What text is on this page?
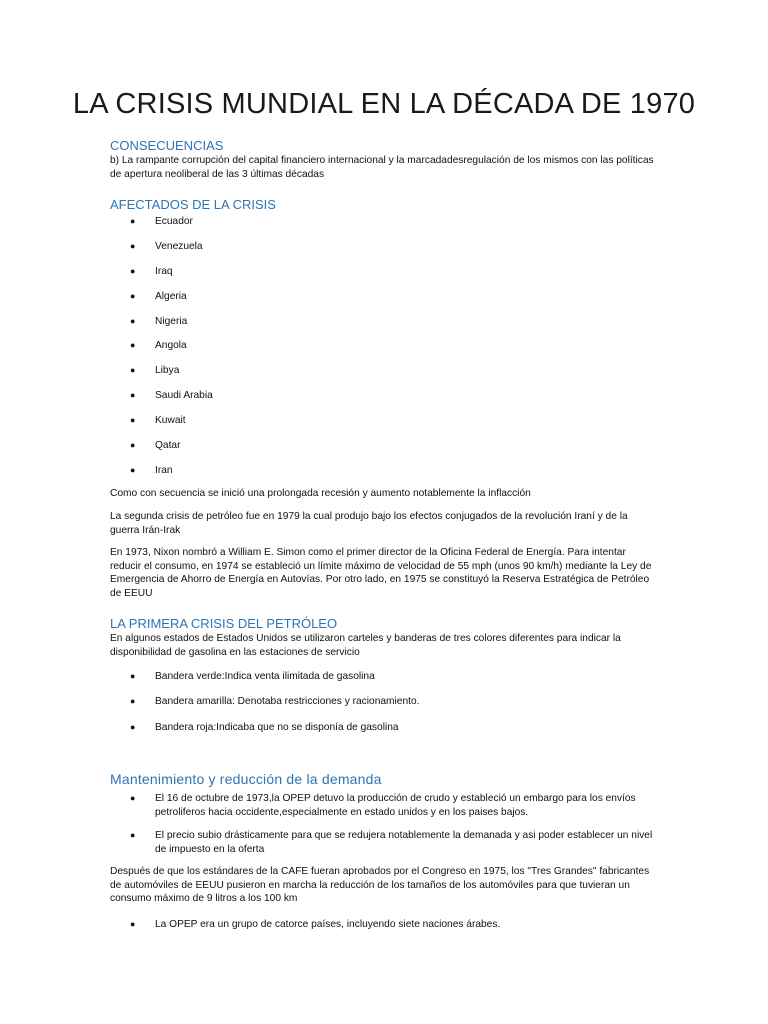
LA CRISIS MUNDIAL EN LA DÉCADA DE 1970
CONSECUENCIAS

b) La rampante corrupción del capital financiero internacional y la marcadadesregulación de los mismos con las políticas de apertura neoliberal de las 3 últimas décadas

AFECTADOS DE LA CRISIS
● Ecuador
● Venezuela
● Iraq
● Algeria
● Nigeria
● Angola
● Libya
● Saudi Arabia
● Kuwait
● Qatar
● Iran

Como con secuencia se inició una prolongada recesión y aumento notablemente la inflacción

La segunda crisis de petróleo fue en 1979 la cual produjo bajo los efectos conjugados de la revolución Iraní y de la guerra Irán-Irak

En 1973, Nixon nombró a William E. Simon como el primer director de la Oficina Federal de Energía. Para intentar reducir el consumo, en 1974 se estableció un límite máximo de velocidad de 55 mph (unos 90 km/h) mediante la Ley de Emergencia de Ahorro de Energía en Autovías. Por otro lado, en 1975 se constituyó la Reserva Estratégica de Petróleo de EEUU

LA PRIMERA CRISIS DEL PETRÓLEO

En algunos estados de Estados Unidos se utilizaron carteles y banderas de tres colores diferentes para indicar la disponibilidad de gasolina en las estaciones de servicio

● Bandera verde:Indica venta ilimitada de gasolina
● Bandera amarilla: Denotaba restricciones y racionamiento.
● Bandera roja:Indicaba que no se disponía de gasolina
Mantenimiento y reducción de la demanda
● El 16 de octubre de 1973,la OPEP detuvo la producción de crudo y estableció un embargo para los envíos petroliferos hacia occidente,especialmente en estado unidos y en los paises bajos.
● El precio subio drásticamente para que se redujera notablemente la demanada y asi poder establecer un nivel de impuesto en la oferta

Después de que los estándares de la CAFE fueran aprobados por el Congreso en 1975, los "Tres Grandes" fabricantes de automóviles de EEUU pusieron en marcha la reducción de los tamaños de los automóviles para que tuvieran un consumo máximo de 9 litros a los 100 km

● La OPEP era un grupo de catorce países, incluyendo siete naciones árabes.
